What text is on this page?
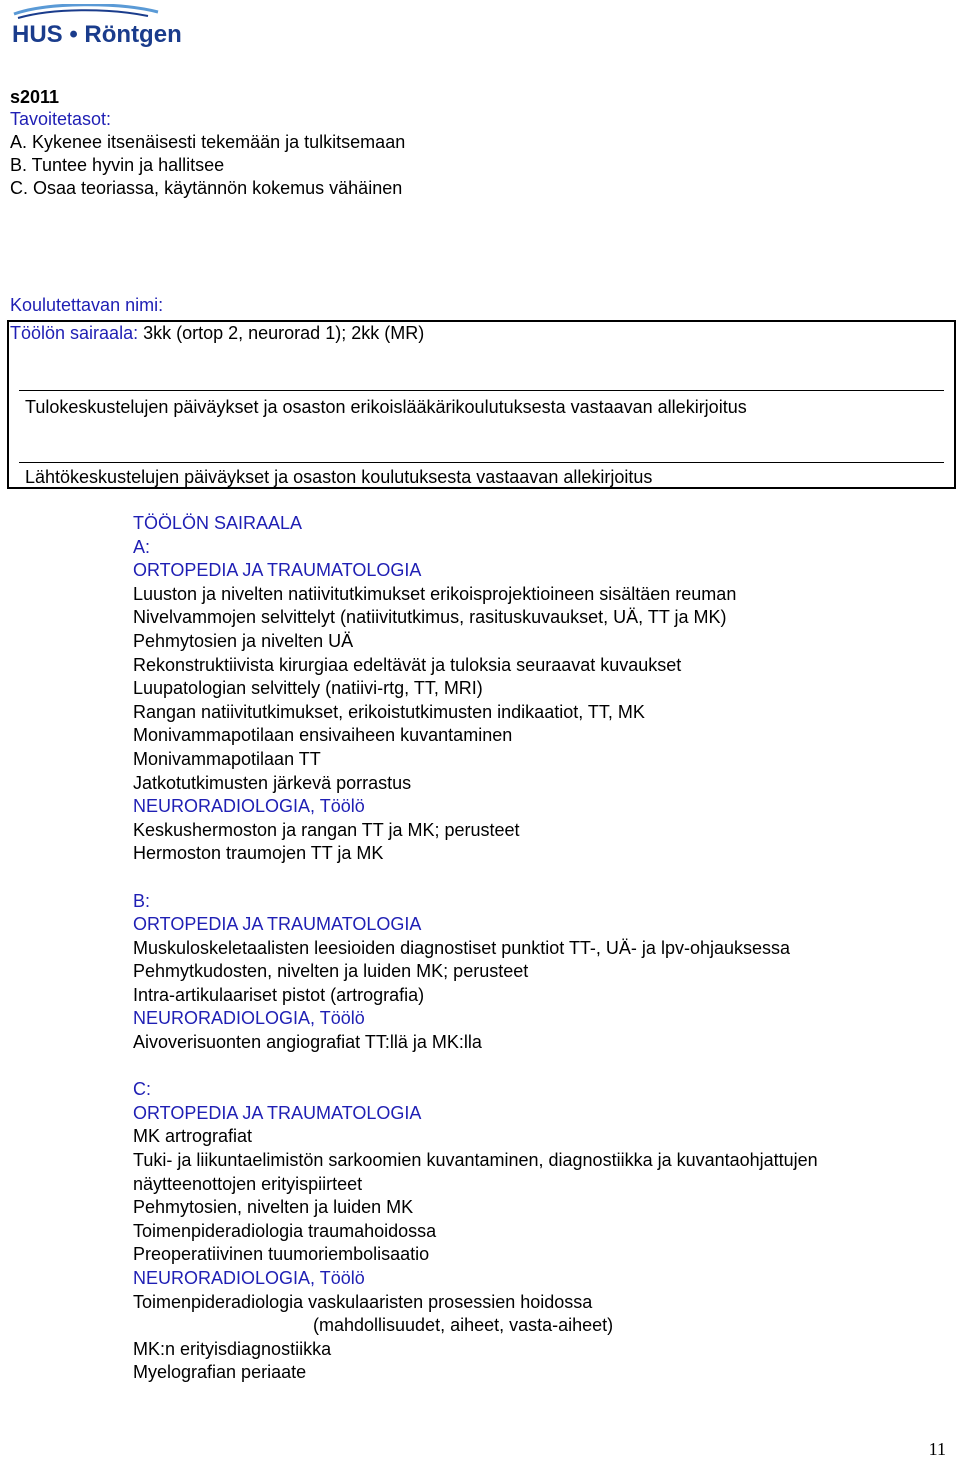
HUS • Röntgen
s2011
Tavoitetasot:
A. Kykenee itsenäisesti tekemään ja tulkitsemaan
B. Tuntee hyvin ja hallitsee
C. Osaa teoriassa, käytännön kokemus vähäinen
Koulutettavan nimi:
Töölön sairaala: 3kk (ortop 2, neurorad 1); 2kk (MR)
Tulokeskustelujen päiväykset ja osaston erikoislääkärikoulutuksesta vastaavan allekirjoitus
Lähtökeskustelujen päiväykset ja osaston koulutuksesta vastaavan allekirjoitus
TÖÖLÖN SAIRAALA
A:
ORTOPEDIA JA TRAUMATOLOGIA
Luuston ja nivelten natiivitutkimukset erikoisprojektioineen sisältäen reuman
Nivelvammojen selvittelyt (natiivitutkimus, rasituskuvaukset, UÄ, TT ja MK)
Pehmytosien ja nivelten UÄ
Rekonstruktiivista kirurgiaa edeltävät ja tuloksia seuraavat kuvaukset
Luupatologian selvittely (natiivi-rtg, TT, MRI)
Rangan natiivitutkimukset, erikoistutkimusten indikaatiot, TT, MK
Monivammapotilaan ensivaiheen kuvantaminen
Monivammapotilaan TT
Jatkotutkimusten järkevä porrastus
NEURORADIOLOGIA, Töölö
Keskushermoston ja rangan TT ja MK; perusteet
Hermoston traumojen TT ja MK

B:
ORTOPEDIA JA TRAUMATOLOGIA
Muskuloskeletaalisten leesioiden diagnostiset punktiot TT-, UÄ- ja lpv-ohjauksessa
Pehmytkudosten, nivelten ja luiden MK; perusteet
Intra-artikulaariset pistot (artrografia)
NEURORADIOLOGIA, Töölö
Aivoverisuonten angiografiat TT:llä ja MK:lla

C:
ORTOPEDIA JA TRAUMATOLOGIA
MK artrografiat
Tuki- ja liikuntaelimistön sarkoomien kuvantaminen, diagnostiikka ja kuvantaohjattujen
näytteenottojen erityispiirteet
Pehmytosien, nivelten ja luiden MK
Toimenpideradiologia traumahoidossa
Preoperatiivinen tuumoriembolisaatio
NEURORADIOLOGIA, Töölö
Toimenpideradiologia vaskulaaristen prosessien hoidossa
(mahdollisuudet, aiheet, vasta-aiheet)
MK:n erityisdiagnostiikka
Myelografian periaate
11
